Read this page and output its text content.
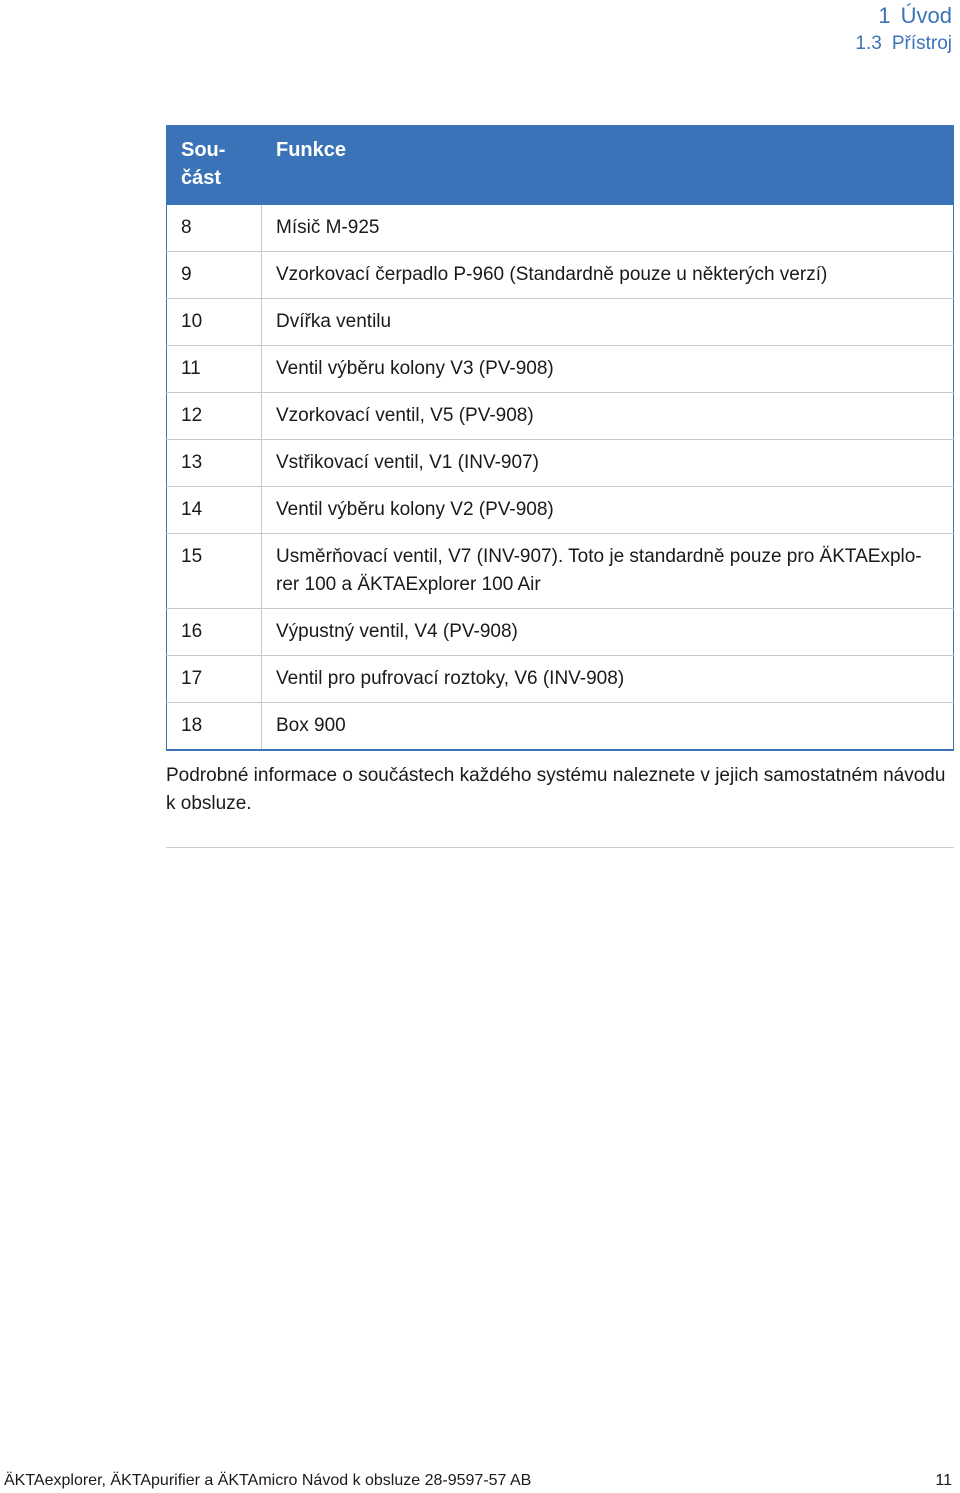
1 Úvod
1.3 Přístroj
Sou-
část	Funkce
8	Mísič M-925
9	Vzorkovací čerpadlo P-960 (Standardně pouze u některých verzí)
10	Dvířka ventilu
11	Ventil výběru kolony V3 (PV-908)
12	Vzorkovací ventil, V5 (PV-908)
13	Vstřikovací ventil, V1 (INV-907)
14	Ventil výběru kolony V2 (PV-908)
15	Usměrňovací ventil, V7 (INV-907). Toto je standardně pouze pro ÄKTAExplo-
rer 100 a ÄKTAExplorer 100 Air
16	Výpustný ventil, V4 (PV-908)
17	Ventil pro pufrovací roztoky, V6 (INV-908)
18	Box 900

Podrobné informace o součástech každého systému naleznete v jejich samostatném návodu k obsluze.

ÄKTAexplorer, ÄKTApurifier a ÄKTAmicro Návod k obsluze 28-9597-57 AB	11
